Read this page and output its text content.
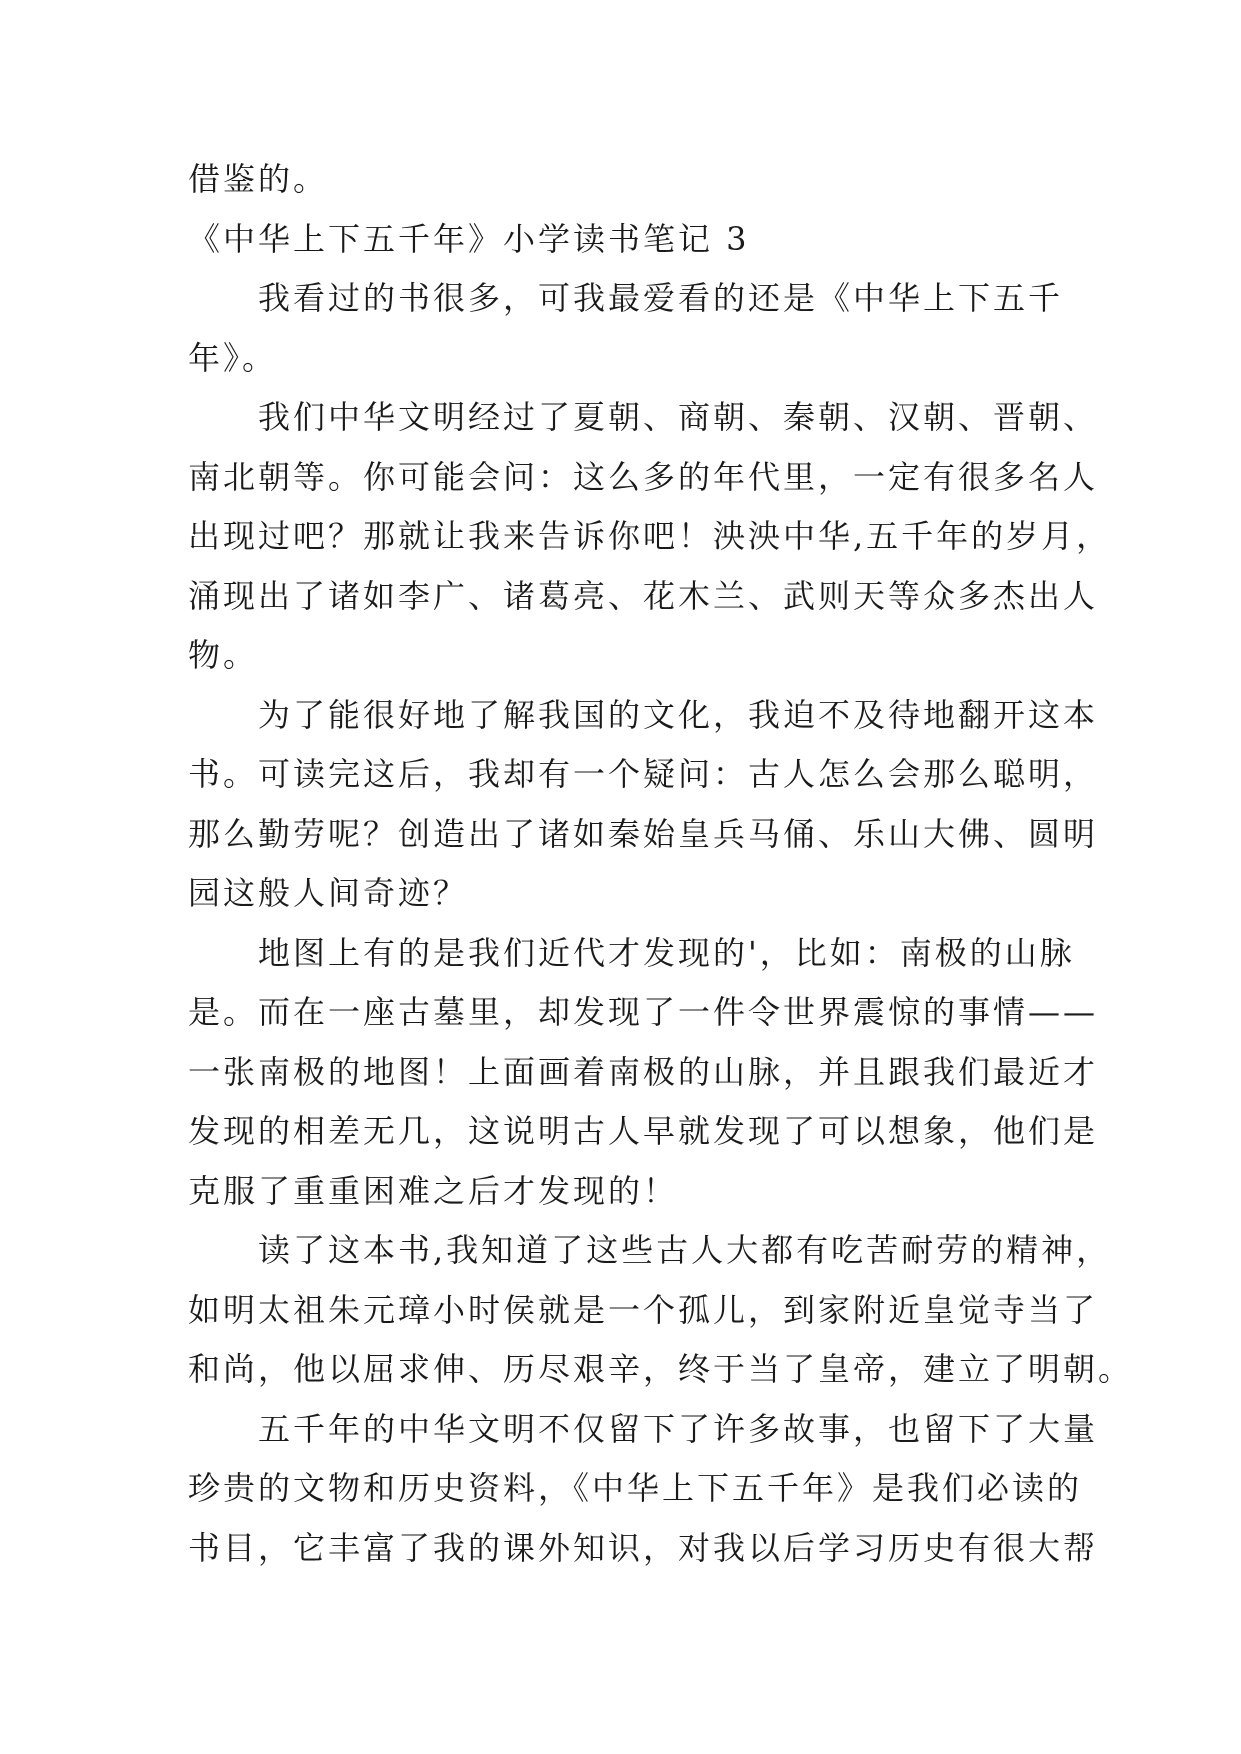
借鉴的。
《中华上下五千年》小学读书笔记 3
我看过的书很多，可我最爱看的还是《中华上下五千
年》。
我们中华文明经过了夏朝、商朝、秦朝、汉朝、晋朝、
南北朝等。你可能会问：这么多的年代里，一定有很多名人
出现过吧？那就让我来告诉你吧！泱泱中华,五千年的岁月，
涌现出了诸如李广、诸葛亮、花木兰、武则天等众多杰出人
物。
为了能很好地了解我国的文化，我迫不及待地翻开这本
书。可读完这后，我却有一个疑问：古人怎么会那么聪明，
那么勤劳呢？创造出了诸如秦始皇兵马俑、乐山大佛、圆明
园这般人间奇迹？
地图上有的是我们近代才发现的'，比如：南极的山脉
是。而在一座古墓里，却发现了一件令世界震惊的事情——
一张南极的地图！上面画着南极的山脉，并且跟我们最近才
发现的相差无几，这说明古人早就发现了可以想象，他们是
克服了重重困难之后才发现的！
读了这本书,我知道了这些古人大都有吃苦耐劳的精神，
如明太祖朱元璋小时侯就是一个孤儿，到家附近皇觉寺当了
和尚，他以屈求伸、历尽艰辛，终于当了皇帝，建立了明朝。
五千年的中华文明不仅留下了许多故事，也留下了大量
珍贵的文物和历史资料，《中华上下五千年》是我们必读的
书目，它丰富了我的课外知识，对我以后学习历史有很大帮
